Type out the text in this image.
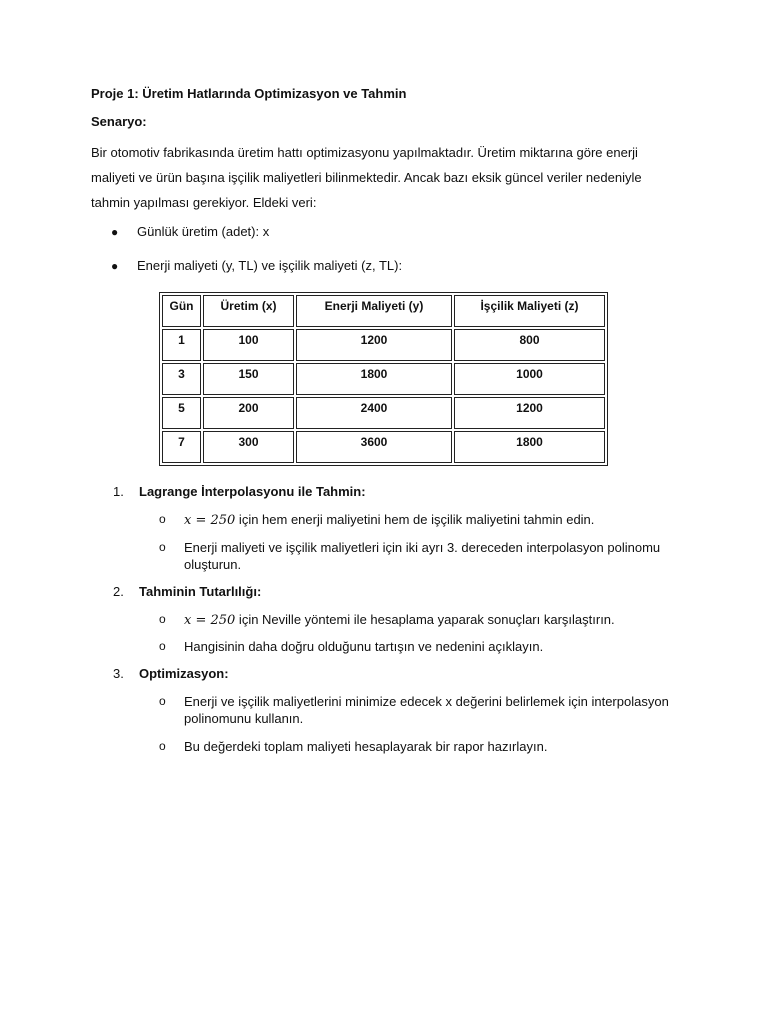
Proje 1: Üretim Hatlarında Optimizasyon ve Tahmin
Senaryo:
Bir otomotiv fabrikasında üretim hattı optimizasyonu yapılmaktadır. Üretim miktarına göre enerji
maliyeti ve ürün başına işçilik maliyetleri bilinmektedir. Ancak bazı eksik güncel veriler nedeniyle
tahmin yapılması gerekiyor. Eldeki veri:
● Günlük üretim (adet): x
● Enerji maliyeti (y, TL) ve işçilik maliyeti (z, TL):
Gün	Üretim (x)	Enerji Maliyeti (y)	İşçilik Maliyeti (z)
1	100	1200	800
3	150	1800	1000
5	200	2400	1200
7	300	3600	1800
1. Lagrange İnterpolasyonu ile Tahmin:
o x = 250 için hem enerji maliyetini hem de işçilik maliyetini tahmin edin.
o Enerji maliyeti ve işçilik maliyetleri için iki ayrı 3. dereceden interpolasyon polinomu oluşturun.
2. Tahminin Tutarlılığı:
o x = 250 için Neville yöntemi ile hesaplama yaparak sonuçları karşılaştırın.
o Hangisinin daha doğru olduğunu tartışın ve nedenini açıklayın.
3. Optimizasyon:
o Enerji ve işçilik maliyetlerini minimize edecek x değerini belirlemek için interpolasyon polinomunu kullanın.
o Bu değerdeki toplam maliyeti hesaplayarak bir rapor hazırlayın.
